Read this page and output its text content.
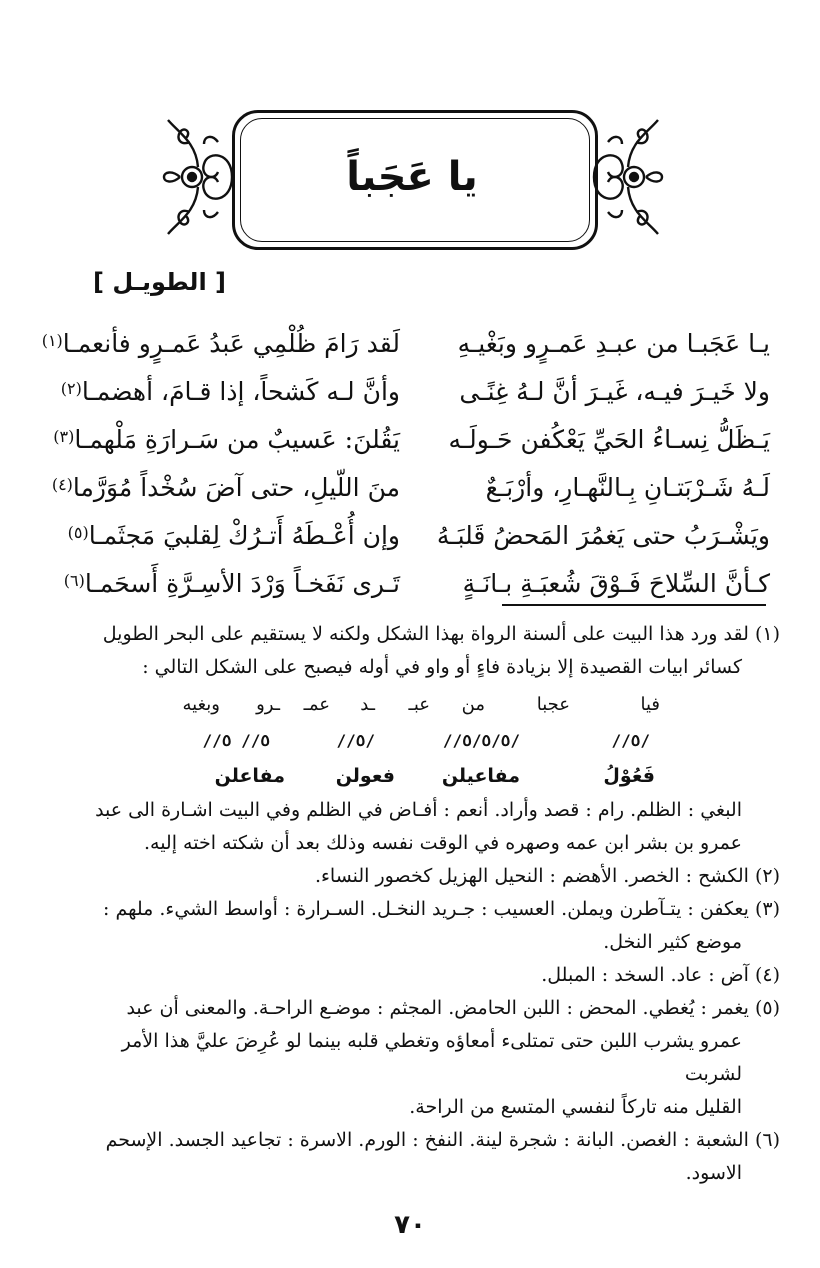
يا عَجَباً
[ الطويـل ]
يـا عَجَبـا من عبـدِ عَمـرٍو وبَغْيـهِ
لَقد رَامَ ظُلْمِي عَبدُ عَمـرٍو فأنعمـا$^{(١)}$
ولا خَيـرَ فيـه، غَيـرَ أنَّ لـهُ غِنًـى
وأنَّ لـه كَشحاً، إذا قـامَ، أهضمـا$^{(٢)}$
يَـظَلُّ نِسـاءُ الحَيِّ يَعْكُفن حَـولَـه
يَقُلنَ: عَسيبٌ من سَـرارَةِ مَلْهمـا$^{(٣)}$
لَـهُ شَـرْبَتـانِ بِـالنَّهـارِ، وأرْبَـعٌ
منَ اللّيلِ، حتى آضَ سُخْداً مُوَرَّما$^{(٤)}$
ويَشْـرَبُ حتى يَغمُرَ المَحضُ قَلبَـهُ
وإن أُعْـطَهُ أَتـرُكْ لِقلبيَ مَجثَمـا$^{(٥)}$
كـأنَّ السِّلاحَ فَـوْقَ شُعبَـةِ بـانَـةٍ
تَـرى نَفَخـاً وَرْدَ الأسِـرَّةِ أَسحَمـا$^{(٦)}$

(١) لقد ورد هذا البيت على ألسنة الرواة بهذا الشكل ولكنه لا يستقيم على البحر الطويل

كسائر ابيات القصيدة إلا بزيادة فاءٍ أو واو في أوله فيصبح على الشكل التالي :

فيا
عجبا
من
عبـ
ـد
عمـ
ـرو
وبغيه
/٥//
/٥/٥/٥//
/٥//
٥// ٥//
فَعُوْلُ
مفاعيلن
فعولن
مفاعلن

البغي : الظلم. رام : قصد وأراد. أنعم : أفـاض في الظلم وفي البيت اشـارة الى عبد

عمرو بن بشر ابن عمه وصهره في الوقت نفسه وذلك بعد أن شكته اخته إليه.

(٢) الكشح : الخصر. الأهضم : النحيل الهزيل كخصور النساء.

(٣) يعكفن : يتـآطرن ويملن. العسيب : جـريد النخـل. السـرارة : أواسط الشيء. ملهم :

موضع كثير النخل.

(٤) آض : عاد. السخد : المبلل.

(٥) يغمر : يُغطي. المحض : اللبن الحامض. المجثم : موضـع الراحـة. والمعنى أن عبد

عمرو يشرب اللبن حتى تمتلىء أمعاؤه وتغطي قلبه بينما لو عُرِضَ عليَّ هذا الأمر لشربت

القليل منه تاركاً لنفسي المتسع من الراحة.

(٦) الشعبة : الغصن. البانة : شجرة لينة. النفخ : الورم. الاسرة : تجاعيد الجسد. الإسحم

الاسود.

٧٠
